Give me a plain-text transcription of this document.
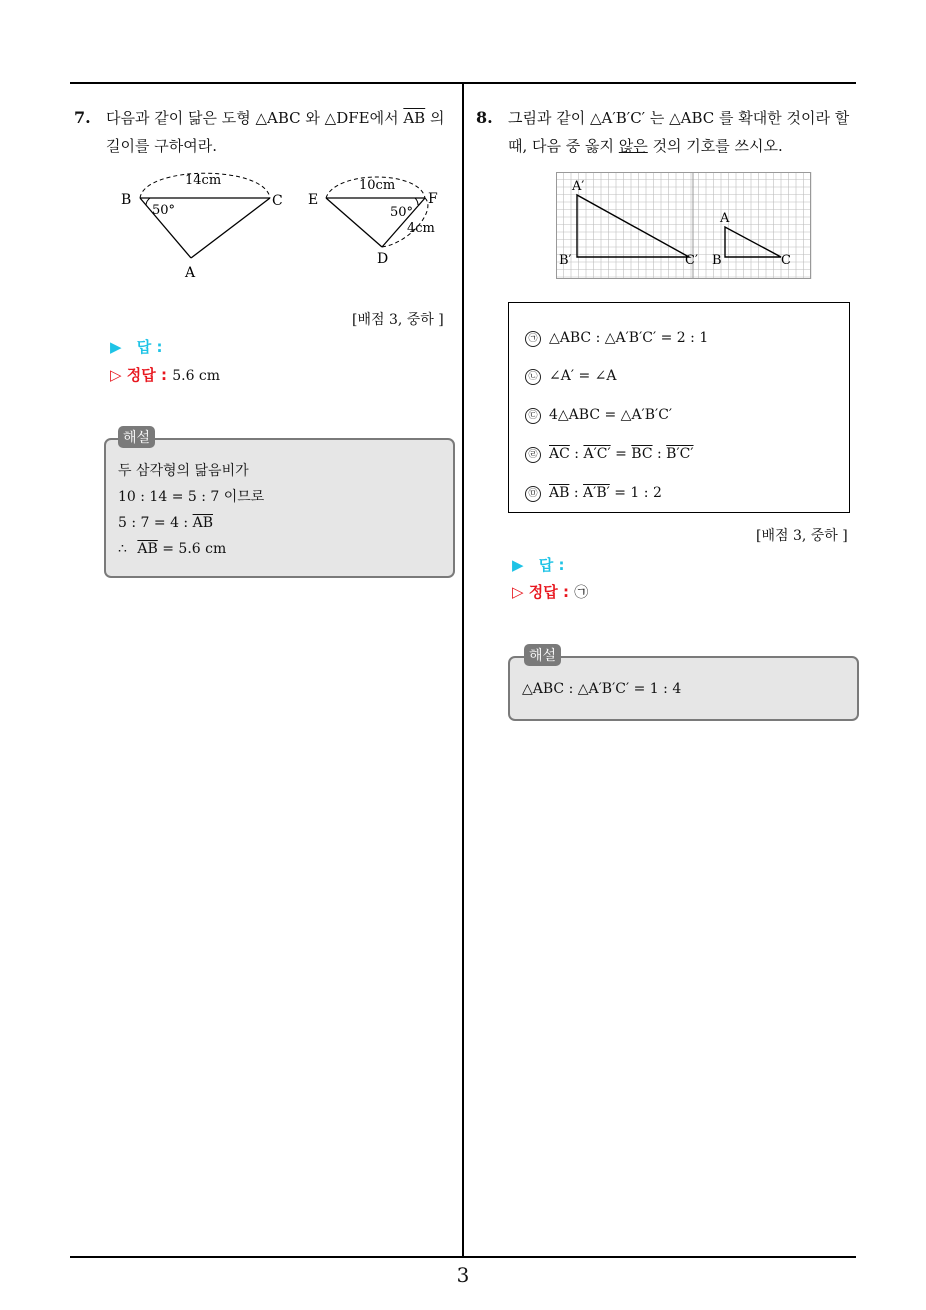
3
7. 다음과 같이 닮은 도형 △ABC 와 △DFE에서 $\overline{AB}$ 의
길이를 구하여라.
14cm
50°
B	C
A
10cm
50°
4cm
E	F
D
[배점 3, 중하 ]
▶ 답 :
▷ 정답 : 5.6 cm
두 삼각형의 닮음비가
10 : 14 = 5 : 7 이므로
5 : 7 = 4 : $\overline{AB}$
∴ $\overline{AB} = 5.6$ cm
해설
8. 그림과 같이 △A′B′C′ 는 △ABC 를 확대한 것이라 할
때, 다음 중 옳지 않은 것의 기호를 쓰시오.
A′
B′	C′
A
B	C
㉠ △ABC : △A′B′C′ = 2 : 1
㉡ ∠A′ = ∠A
㉢ 4△ABC = △A′B′C′
㉣ $\overline{AC}$ : $A'C' = \overline{BC}$ : B′C′
㉤ $\overline{AB}$ : A′B′ = 1 : 2
[배점 3, 중하 ]
▶ 답 :
▷ 정답 : ㉠
△ABC : △A′B′C′ = 1 : 4
해설
